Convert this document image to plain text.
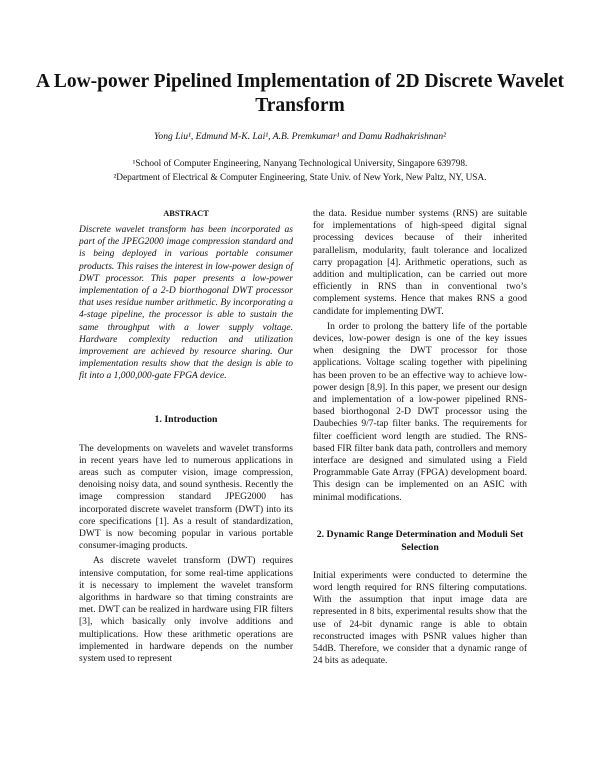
A Low-power Pipelined Implementation of 2D Discrete Wavelet Transform
Yong Liu¹, Edmund M-K. Lai¹, A.B. Premkumar¹ and Damu Radhakrishnan²
¹School of Computer Engineering, Nanyang Technological University, Singapore 639798.
²Department of Electrical & Computer Engineering, State Univ. of New York, New Paltz, NY, USA.
ABSTRACT

Discrete wavelet transform has been incorporated as part of the JPEG2000 image compression standard and is being deployed in various portable consumer products. This raises the interest in low-power design of DWT processor. This paper presents a low-power implementation of a 2-D biorthogonal DWT processor that uses residue number arithmetic. By incorporating a 4-stage pipeline, the processor is able to sustain the same throughput with a lower supply voltage. Hardware complexity reduction and utilization improvement are achieved by resource sharing. Our implementation results show that the design is able to fit into a 1,000,000-gate FPGA device.

1. Introduction

The developments on wavelets and wavelet transforms in recent years have led to numerous applications in areas such as computer vision, image compression, denoising noisy data, and sound synthesis. Recently the image compression standard JPEG2000 has incorporated discrete wavelet transform (DWT) into its core specifications [1]. As a result of standardization, DWT is now becoming popular in various portable consumer-imaging products.

As discrete wavelet transform (DWT) requires intensive computation, for some real-time applications it is necessary to implement the wavelet transform algorithms in hardware so that timing constraints are met. DWT can be realized in hardware using FIR filters [3], which basically only involve additions and multiplications. How these arithmetic operations are implemented in hardware depends on the number system used to represent

the data. Residue number systems (RNS) are suitable for implementations of high-speed digital signal processing devices because of their inherited parallelism, modularity, fault tolerance and localized carry propagation [4]. Arithmetic operations, such as addition and multiplication, can be carried out more efficiently in RNS than in conventional two’s complement systems. Hence that makes RNS a good candidate for implementing DWT.

In order to prolong the battery life of the portable devices, low-power design is one of the key issues when designing the DWT processor for those applications. Voltage scaling together with pipelining has been proven to be an effective way to achieve low-power design [8,9]. In this paper, we present our design and implementation of a low-power pipelined RNS-based biorthogonal 2-D DWT processor using the Daubechies 9/7-tap filter banks. The requirements for filter coefficient word length are studied. The RNS-based FIR filter bank data path, controllers and memory interface are designed and simulated using a Field Programmable Gate Array (FPGA) development board. This design can be implemented on an ASIC with minimal modifications.

2. Dynamic Range Determination and Moduli Set Selection

Initial experiments were conducted to determine the word length required for RNS filtering computations. With the assumption that input image data are represented in 8 bits, experimental results show that the use of 24-bit dynamic range is able to obtain reconstructed images with PSNR values higher than 54dB. Therefore, we consider that a dynamic range of 24 bits as adequate.
